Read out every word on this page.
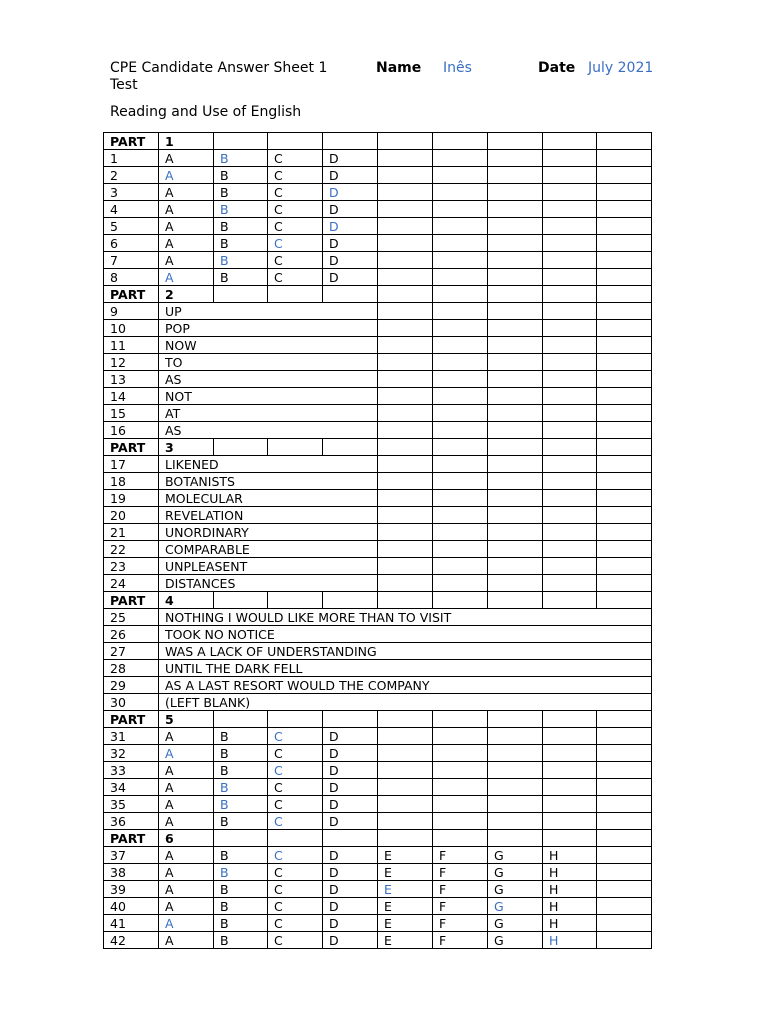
CPE Candidate Answer Sheet 1 Test
Name Inês	Date July 2021
Reading and Use of English
PART	1								
1	A	B	C	D					
2	A	B	C	D					
3	A	B	C	D					
4	A	B	C	D					
5	A	B	C	D					
6	A	B	C	D					
7	A	B	C	D					
8	A	B	C	D					
PART	2								
9	UP								
10	POP								
11	NOW								
12	TO								
13	AS								
14	NOT								
15	AT								
16	AS								
PART	3								
17	LIKENED								
18	BOTANISTS								
19	MOLECULAR								
20	REVELATION								
21	UNORDINARY								
22	COMPARABLE								
23	UNPLEASENT								
24	DISTANCES								
PART	4								
25	NOTHING I WOULD LIKE MORE THAN TO VISIT								
26	TOOK NO NOTICE								
27	WAS A LACK OF UNDERSTANDING								
28	UNTIL THE DARK FELL								
29	AS A LAST RESORT WOULD THE COMPANY								
30	(LEFT BLANK)								
PART	5								
31	A	B	C	D					
32	A	B	C	D					
33	A	B	C	D					
34	A	B	C	D					
35	A	B	C	D					
36	A	B	C	D					
PART	6								
37	A	B	C	D	E	F	G	H	
38	A	B	C	D	E	F	G	H	
39	A	B	C	D	E	F	G	H	
40	A	B	C	D	E	F	G	H	
41	A	B	C	D	E	F	G	H	
42	A	B	C	D	E	F	G	H	
